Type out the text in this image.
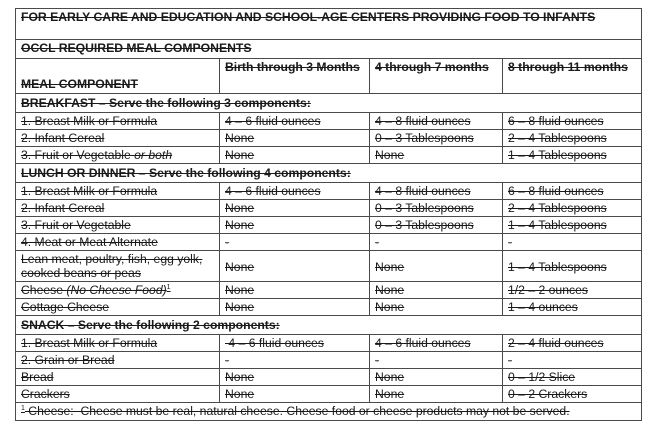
FOR EARLY CARE AND EDUCATION AND SCHOOL-AGE CENTERS PROVIDING FOOD TO INFANTS			
OCCL REQUIRED MEAL COMPONENTS			
MEAL COMPONENT	Birth through 3 Months	4 through 7 months	8 through 11 months
BREAKFAST – Serve the following 3 components:			
1. Breast Milk or Formula	4 – 6 fluid ounces	4 – 8 fluid ounces	6 – 8 fluid ounces
2. Infant Cereal	None	0 – 3 Tablespoons	2 – 4 Tablespoons
3. Fruit or Vegetable or both	None	None	1 – 4 Tablespoons
LUNCH OR DINNER – Serve the following 4 components:			
1. Breast Milk or Formula	4 – 6 fluid ounces	4 – 8 fluid ounces	6 – 8 fluid ounces
2. Infant Cereal	None	0 – 3 Tablespoons	2 – 4 Tablespoons
3. Fruit or Vegetable	None	0 – 3 Tablespoons	1 – 4 Tablespoons
4. Meat or Meat Alternate	-	-	-
Lean meat, poultry, fish, egg yolk, cooked beans or peas	None	None	1 – 4 Tablespoons
Cheese (No Cheese Food)$^1$	None	None	1/2 – 2 ounces
Cottage Cheese	None	None	1 – 4 ounces
SNACK – Serve the following 2 components:			
1. Breast Milk or Formula	4 – 6 fluid ounces	4 – 6 fluid ounces	2 – 4 fluid ounces
2. Grain or Bread	-	-	-
Bread	None	None	0 – 1/2 Slice
Crackers	None	None	0 – 2 Crackers
$^1$ Cheese:  Cheese must be real, natural cheese. Cheese food or cheese products may not be served.			
